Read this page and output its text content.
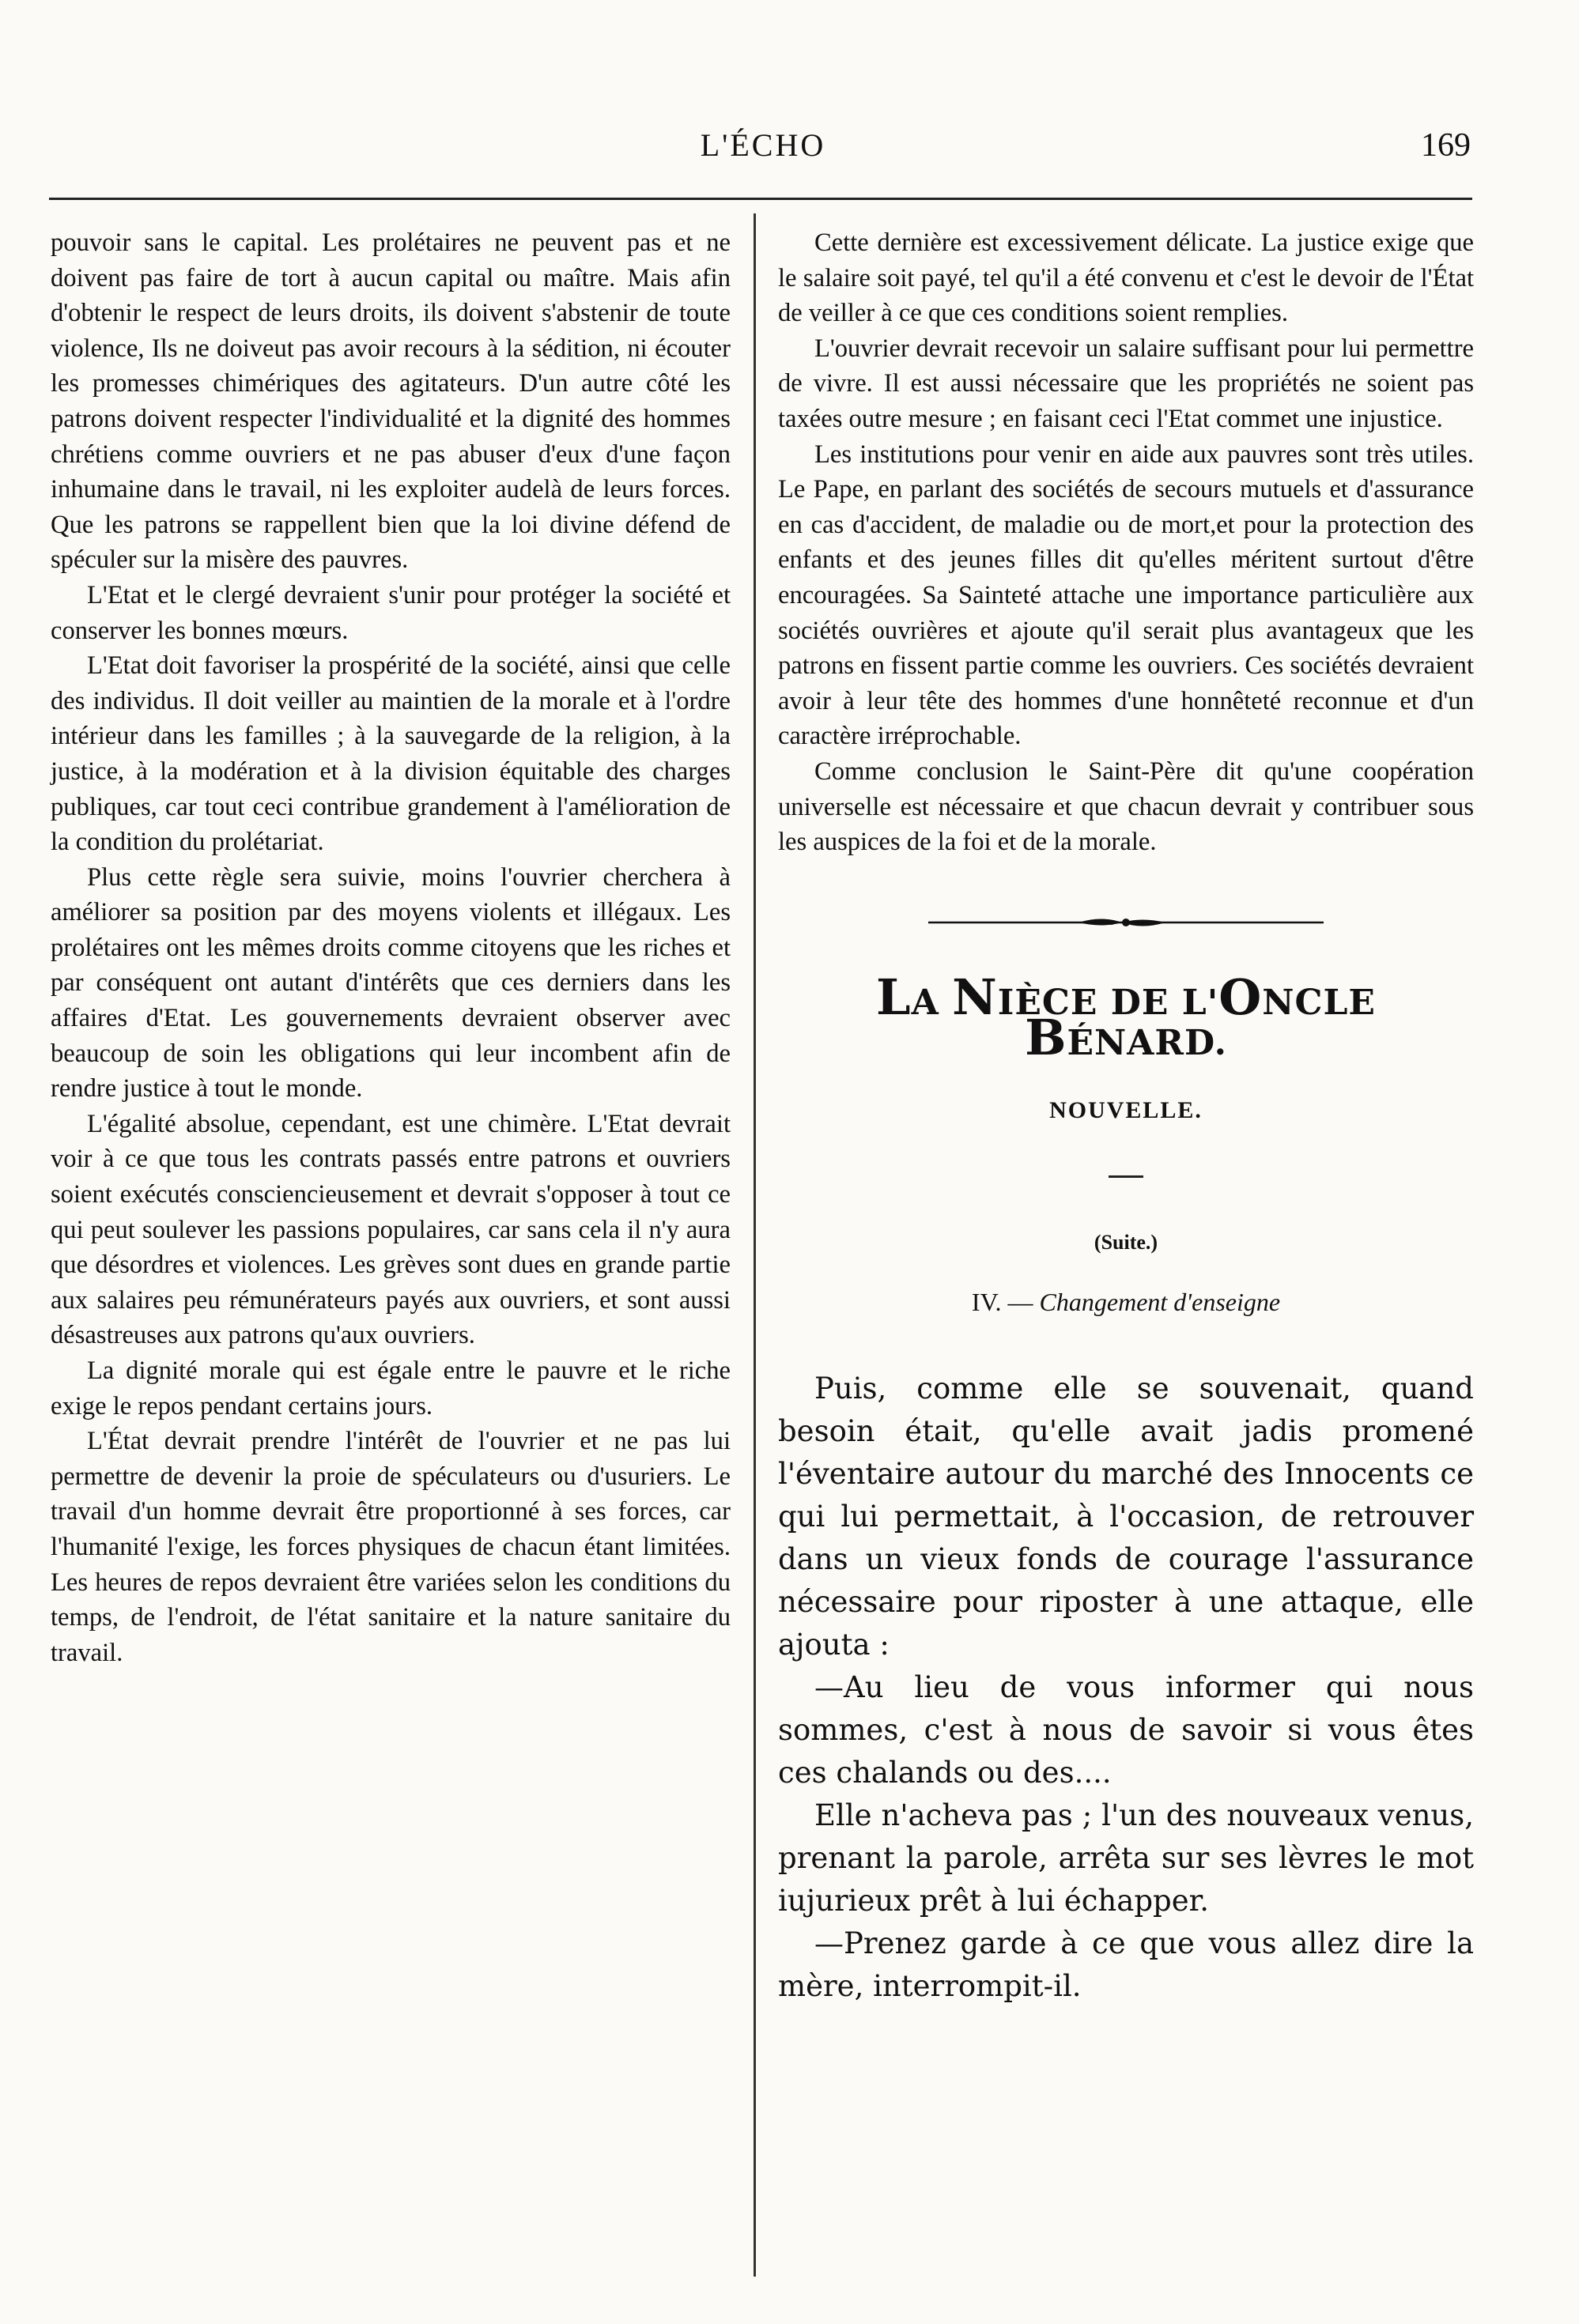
L'ÉCHO	169

pouvoir sans le capital. Les prolétaires ne peuvent pas et ne doivent pas faire de tort à aucun capital ou maître. Mais afin d'obtenir le respect de leurs droits, ils doivent s'abstenir de toute violence, Ils ne doiveut pas avoir recours à la sédition, ni écouter les promesses chimériques des agitateurs. D'un autre côté les patrons doivent respecter l'individualité et la dignité des hommes chrétiens comme ouvriers et ne pas abuser d'eux d'une façon inhumaine dans le travail, ni les exploiter audelà de leurs forces. Que les patrons se rappellent bien que la loi divine défend de spéculer sur la misère des pauvres.

L'Etat et le clergé devraient s'unir pour protéger la société et conserver les bonnes mœurs.

L'Etat doit favoriser la prospérité de la société, ainsi que celle des individus. Il doit veiller au maintien de la morale et à l'ordre intérieur dans les familles ; à la sauvegarde de la religion, à la justice, à la modération et à la division équitable des charges publiques, car tout ceci contribue grandement à l'amélioration de la condition du prolétariat.

Plus cette règle sera suivie, moins l'ouvrier cherchera à améliorer sa position par des moyens violents et illégaux. Les prolétaires ont les mêmes droits comme citoyens que les riches et par conséquent ont autant d'intérêts que ces derniers dans les affaires d'Etat. Les gouvernements devraient observer avec beaucoup de soin les obligations qui leur incombent afin de rendre justice à tout le monde.

L'égalité absolue, cependant, est une chimère. L'Etat devrait voir à ce que tous les contrats passés entre patrons et ouvriers soient exécutés consciencieusement et devrait s'opposer à tout ce qui peut soulever les passions populaires, car sans cela il n'y aura que désordres et violences. Les grèves sont dues en grande partie aux salaires peu rémunérateurs payés aux ouvriers, et sont aussi désastreuses aux patrons qu'aux ouvriers.

La dignité morale qui est égale entre le pauvre et le riche exige le repos pendant certains jours.

L'État devrait prendre l'intérêt de l'ouvrier et ne pas lui permettre de devenir la proie de spéculateurs ou d'usuriers. Le travail d'un homme devrait être proportionné à ses forces, car l'humanité l'exige, les forces physiques de chacun étant limitées. Les heures de repos devraient être variées selon les conditions du temps, de l'endroit, de l'état sanitaire et la nature sanitaire du travail.

Cette dernière est excessivement délicate. La justice exige que le salaire soit payé, tel qu'il a été convenu et c'est le devoir de l'État de veiller à ce que ces conditions soient remplies.

L'ouvrier devrait recevoir un salaire suffisant pour lui permettre de vivre. Il est aussi nécessaire que les propriétés ne soient pas taxées outre mesure ; en faisant ceci l'Etat commet une injustice.

Les institutions pour venir en aide aux pauvres sont très utiles. Le Pape, en parlant des sociétés de secours mutuels et d'assurance en cas d'accident, de maladie ou de mort,et pour la protection des enfants et des jeunes filles dit qu'elles méritent surtout d'être encouragées. Sa Sainteté attache une importance particulière aux sociétés ouvrières et ajoute qu'il serait plus avantageux que les patrons en fissent partie comme les ouvriers. Ces sociétés devraient avoir à leur tête des hommes d'une honnêteté reconnue et d'un caractère irréprochable.

Comme conclusion le Saint-Père dit qu'une coopération universelle est nécessaire et que chacun devrait y contribuer sous les auspices de la foi et de la morale.

LA NIÈCE DE L'ONCLE BÉNARD.
NOUVELLE.
(Suite.)
IV. — Changement d'enseigne

Puis, comme elle se souvenait, quand besoin était, qu'elle avait jadis promené l'éventaire autour du marché des Innocents ce qui lui permettait, à l'occasion, de retrouver dans un vieux fonds de courage l'assurance nécessaire pour riposter à une attaque, elle ajouta :

—Au lieu de vous informer qui nous sommes, c'est à nous de savoir si vous êtes ces chalands ou des....

Elle n'acheva pas ; l'un des nouveaux venus, prenant la parole, arrêta sur ses lèvres le mot iujurieux prêt à lui échapper.

—Prenez garde à ce que vous allez dire la mère, interrompit-il.
